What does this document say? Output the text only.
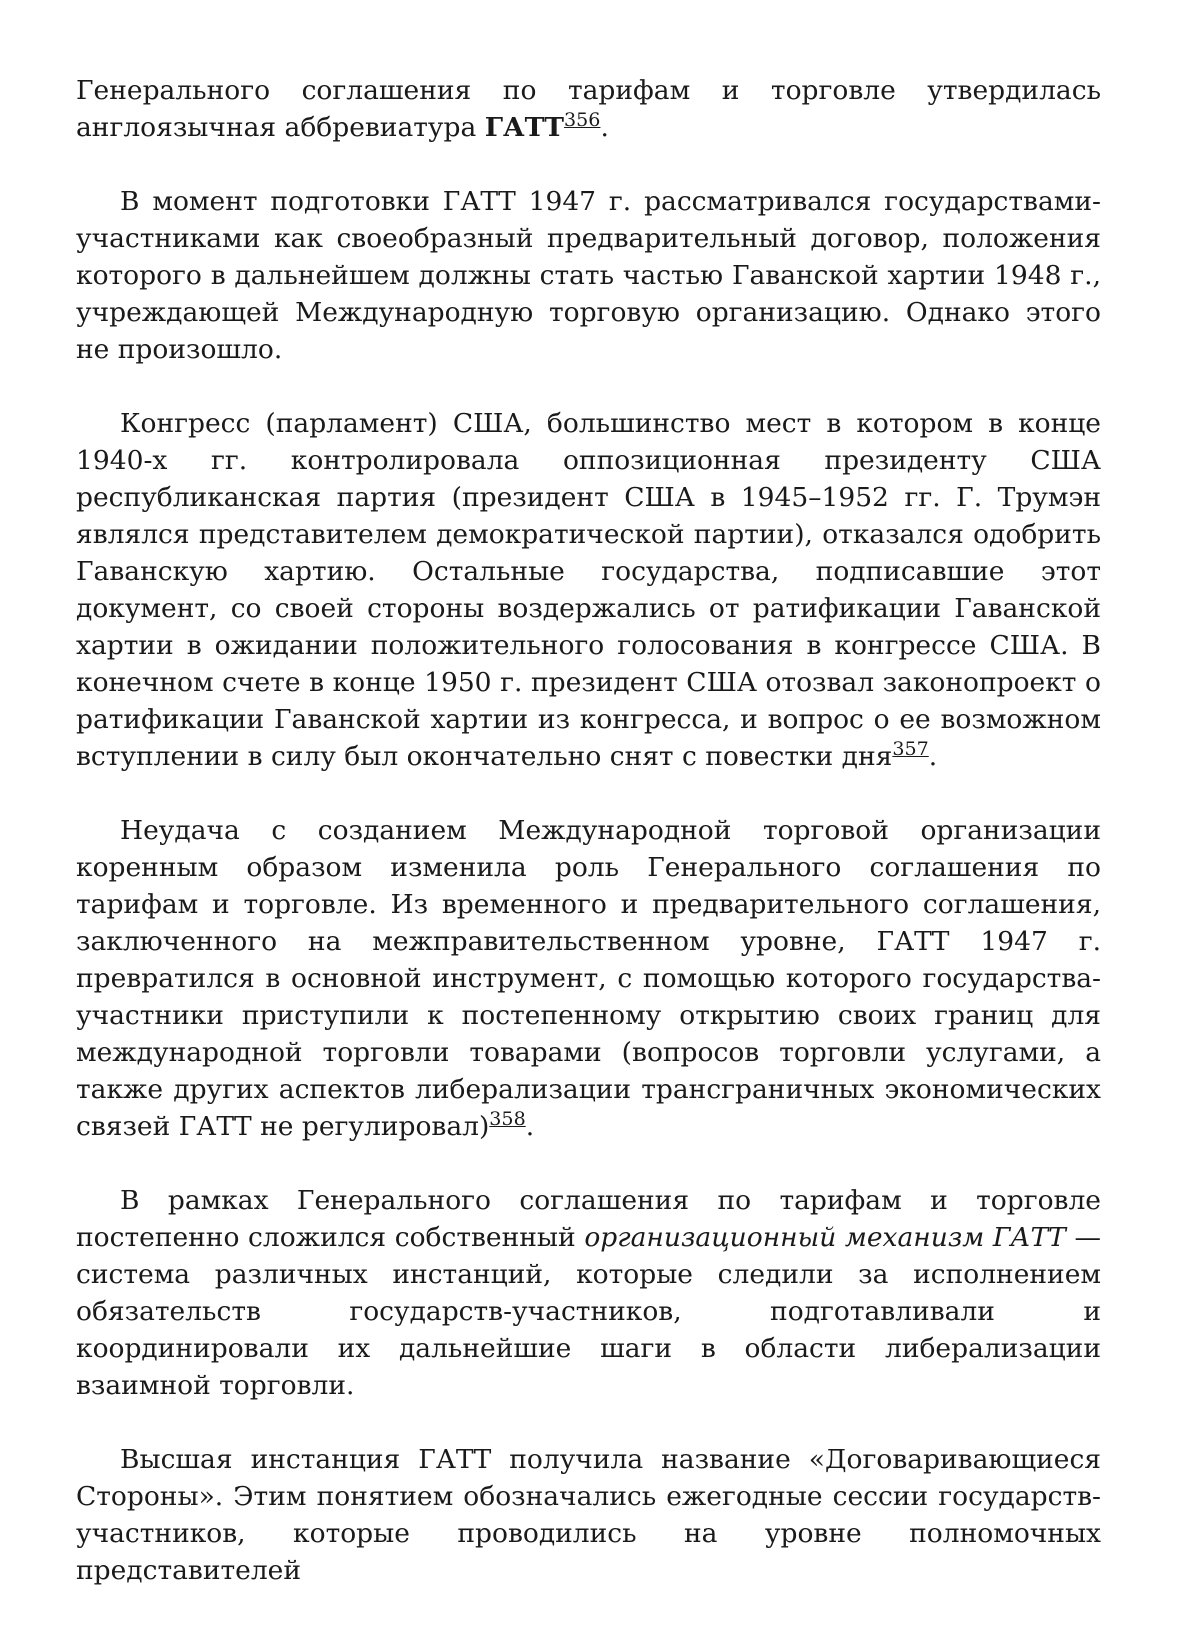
Генерального соглашения по тарифам и торговле утвердилась англоязычная аббревиатура ГАТТ$^{356}$.

В момент подготовки ГАТТ 1947 г. рассматривался государствами-участниками как своеобразный предварительный договор, положения которого в дальнейшем должны стать частью Гаванской хартии 1948 г., учреждающей Международную торговую организацию. Однако этого не произошло.

Конгресс (парламент) США, большинство мест в котором в конце 1940-х гг. контролировала оппозиционная президенту США республиканская партия (президент США в 1945–1952 гг. Г. Трумэн являлся представителем демократической партии), отказался одобрить Гаванскую хартию. Остальные государства, подписавшие этот документ, со своей стороны воздержались от ратификации Гаванской хартии в ожидании положительного голосования в конгрессе США. В конечном счете в конце 1950 г. президент США отозвал законопроект о ратификации Гаванской хартии из конгресса, и вопрос о ее возможном вступлении в силу был окончательно снят с повестки дня$^{357}$.

Неудача с созданием Международной торговой организации коренным образом изменила роль Генерального соглашения по тарифам и торговле. Из временного и предварительного соглашения, заключенного на межправительственном уровне, ГАТТ 1947 г. превратился в основной инструмент, с помощью которого государства-участники приступили к постепенному открытию своих границ для международной торговли товарами (вопросов торговли услугами, а также других аспектов либерализации трансграничных экономических связей ГАТТ не регулировал)$^{358}$.

В рамках Генерального соглашения по тарифам и торговле постепенно сложился собственный организационный механизм ГАТТ — система различных инстанций, которые следили за исполнением обязательств государств-участников, подготавливали и координировали их дальнейшие шаги в области либерализации взаимной торговли.

Высшая инстанция ГАТТ получила название «Договаривающиеся Стороны». Этим понятием обозначались ежегодные сессии государств-участников, которые проводились на уровне полномочных представителей
